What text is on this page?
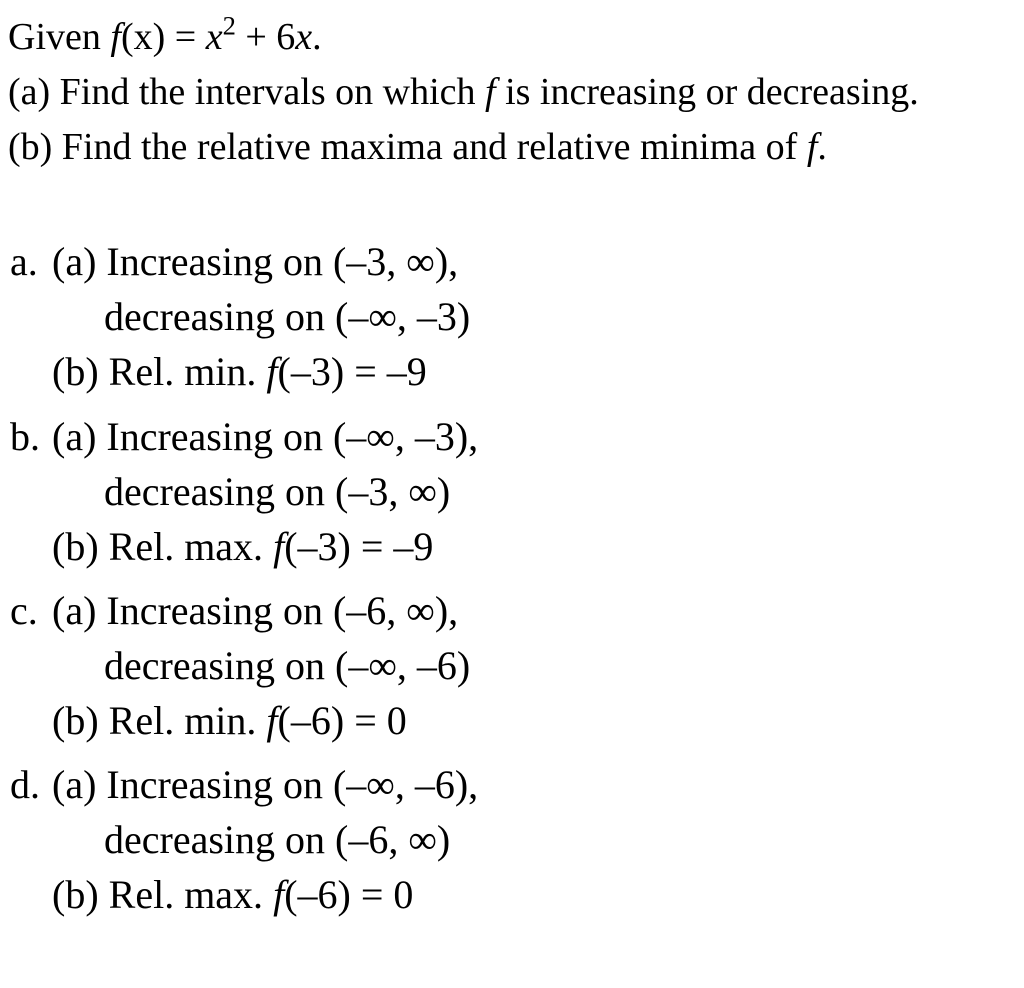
Given $f(x) = x^2 + 6x$.
(a) Find the intervals on which f is increasing or decreasing.
(b) Find the relative maxima and relative minima of f.
a. (a) Increasing on (–3, ∞),
decreasing on (–∞, –3)
(b) Rel. min. f(–3) = –9
b. (a) Increasing on (–∞, –3),
decreasing on (–3, ∞)
(b) Rel. max. f(–3) = –9
c. (a) Increasing on (–6, ∞),
decreasing on (–∞, –6)
(b) Rel. min. f(–6) = 0
d. (a) Increasing on (–∞, –6),
decreasing on (–6, ∞)
(b) Rel. max. f(–6) = 0
